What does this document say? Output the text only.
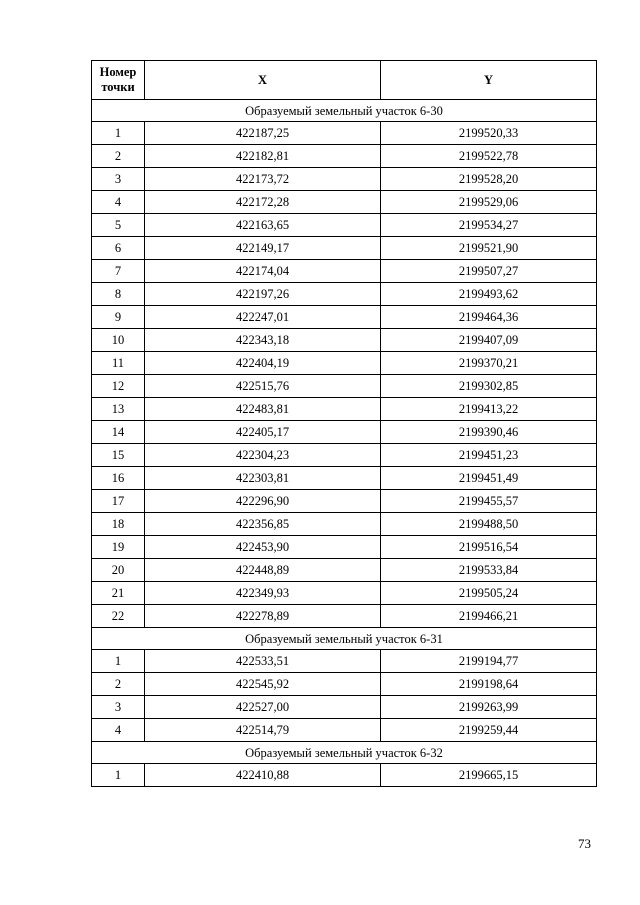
Номер
точки	X	Y
Образуемый земельный участок 6-30		
1	422187,25	2199520,33
2	422182,81	2199522,78
3	422173,72	2199528,20
4	422172,28	2199529,06
5	422163,65	2199534,27
6	422149,17	2199521,90
7	422174,04	2199507,27
8	422197,26	2199493,62
9	422247,01	2199464,36
10	422343,18	2199407,09
11	422404,19	2199370,21
12	422515,76	2199302,85
13	422483,81	2199413,22
14	422405,17	2199390,46
15	422304,23	2199451,23
16	422303,81	2199451,49
17	422296,90	2199455,57
18	422356,85	2199488,50
19	422453,90	2199516,54
20	422448,89	2199533,84
21	422349,93	2199505,24
22	422278,89	2199466,21
Образуемый земельный участок 6-31		
1	422533,51	2199194,77
2	422545,92	2199198,64
3	422527,00	2199263,99
4	422514,79	2199259,44
Образуемый земельный участок 6-32		
1	422410,88	2199665,15
73
